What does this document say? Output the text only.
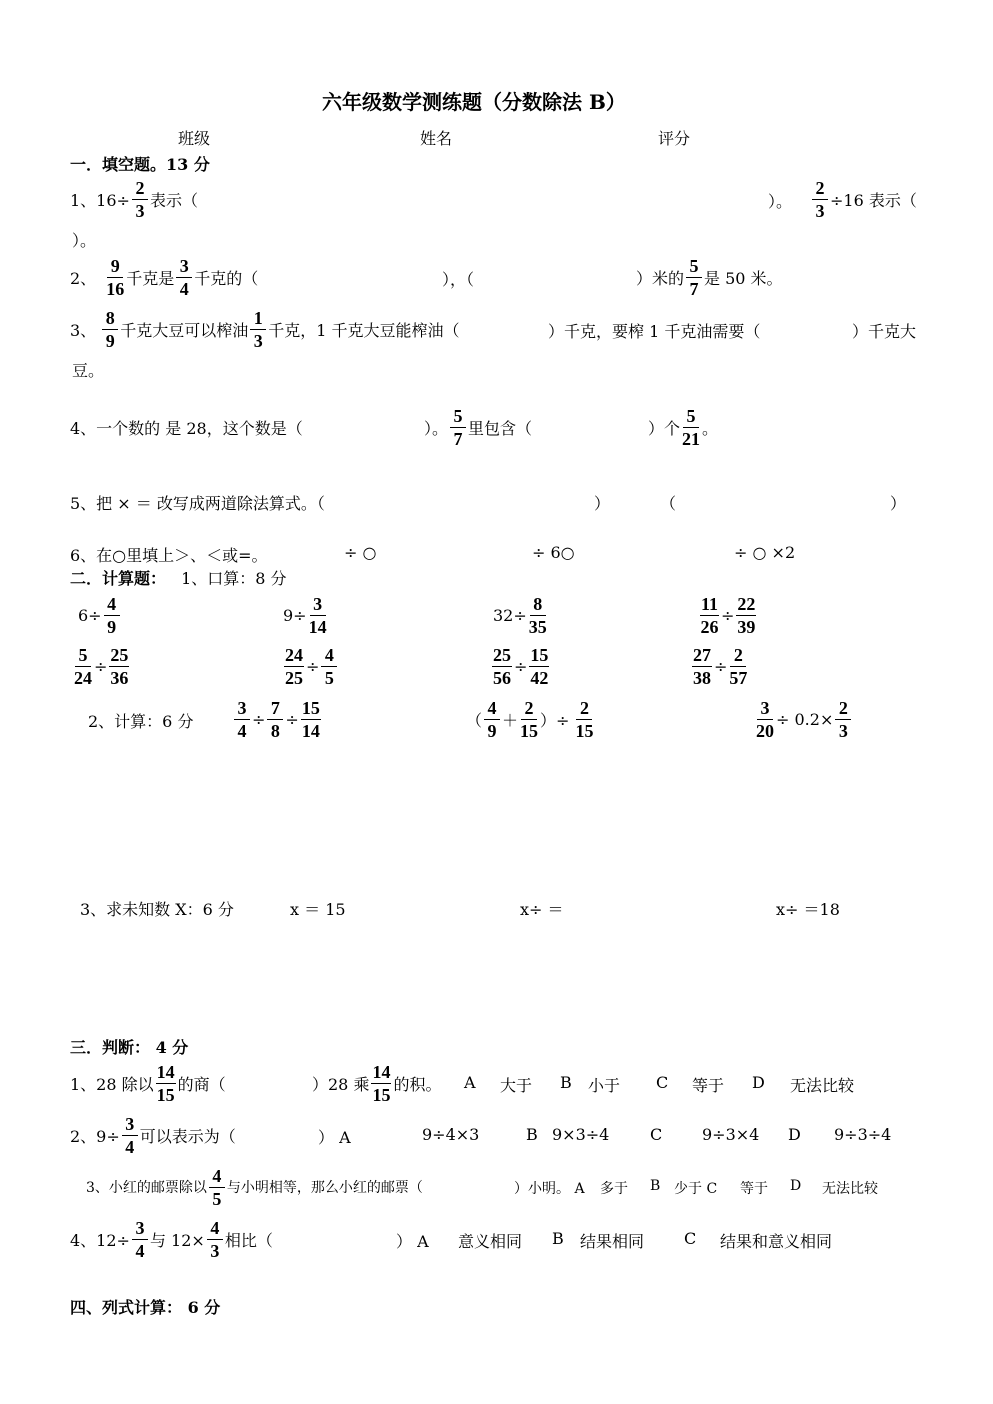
六年级数学测练题（分数除法 B）
班级	姓名	评分
一．填空题。13 分
1、$16\div \frac{2}{3}$ 表示（	）。 $\frac{2}{3} \div 16$ 表示（
）。
2、 $\frac{9}{16}$ 千克是 $\frac{3}{4}$ 千克的（	），（	）米的 $\frac{5}{7}$ 是 50 米。
3、 $\frac{8}{9}$ 千克大豆可以榨油 $\frac{1}{3}$ 千克，1 千克大豆能榨油（	）千克，要榨 1 千克油需要（	）千克大
豆。
4、一个数的 是 28，这个数是（	）。 $\frac{5}{7}$ 里包含（	）个 $\frac{5}{21}$ 。
5、把 × ＝ 改写成两道除法算式。（	）	（	）
6、在○里填上＞、＜或=。	÷ ○	÷ 6○	÷ ○ ×2
二．计算题： 1、口算：8 分
$6\div \frac{4}{9}$	$9\div \frac{3}{14}$	$32\div \frac{8}{35}$	$\frac{11}{26} \div \frac{22}{39}$
$\frac{5}{24} \div \frac{25}{36}$	$\frac{24}{25} \div \frac{4}{5}$	$\frac{25}{56} \div \frac{15}{42}$	$\frac{27}{38} \div \frac{2}{57}$
2、计算：6 分 $\frac{3}{4} \div \frac{7}{8} \div \frac{15}{14}$	（ $\frac{4}{9} + \frac{2}{15}$ ）÷ $\frac{2}{15}$	$\frac{3}{20} \div 0.2\times \frac{2}{3}$
3、求未知数 X：6 分	x ＝ 15	x÷ ＝	x÷ ＝18
三．判断： 4 分
1、28 除以 $\frac{14}{15}$ 的商（	）28 乘 $\frac{14}{15}$ 的积。 A 大于 B 小于 C 等于 D 无法比较
2、$9\div \frac{3}{4}$ 可以表示为（	） A	9÷4×3	B 9×3÷4	C 9÷3×4 D 9÷3÷4
3、小红的邮票除以 $\frac{4}{5}$ 与小明相等，那么小红的邮票（	）小明。 A 多于 B 少于 C 等于 D 无法比较
4、$12\div \frac{3}{4}$ 与 $12\times \frac{4}{3}$ 相比（	） A 意义相同 B 结果相同 C 结果和意义相同
四、列式计算： 6 分
